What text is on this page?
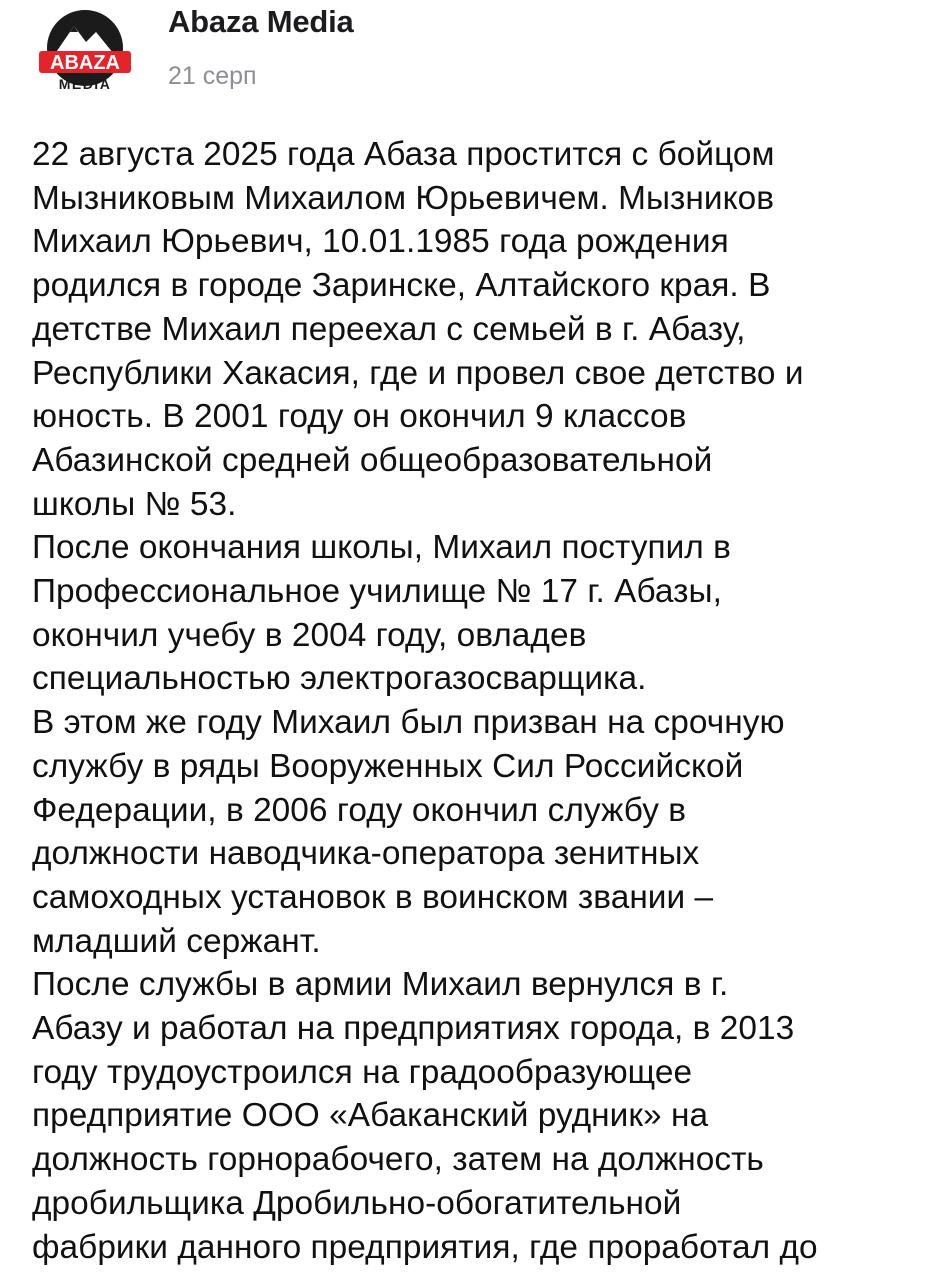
ABAZA
MEDIA
Abaza Media
21 серп

22 августа 2025 года Абаза простится с бойцом
Мызниковым Михаилом Юрьевичем. Мызников
Михаил Юрьевич, 10.01.1985 года рождения
родился в городе Заринске, Алтайского края. В
детстве Михаил переехал с семьей в г. Абазу,
Республики Хакасия, где и провел свое детство и
юность. В 2001 году он окончил 9 классов
Абазинской средней общеобразовательной
школы № 53.

После окончания школы, Михаил поступил в
Профессиональное училище № 17 г. Абазы,
окончил учебу в 2004 году, овладев
специальностью электрогазосварщика.

В этом же году Михаил был призван на срочную
службу в ряды Вооруженных Сил Российской
Федерации, в 2006 году окончил службу в
должности наводчика-оператора зенитных
самоходных установок в воинском звании –
младший сержант.

После службы в армии Михаил вернулся в г.
Абазу и работал на предприятиях города, в 2013
году трудоустроился на градообразующее
предприятие ООО «Абаканский рудник» на
должность горнорабочего, затем на должность
дробильщика Дробильно-обогатительной
фабрики данного предприятия, где проработал до
